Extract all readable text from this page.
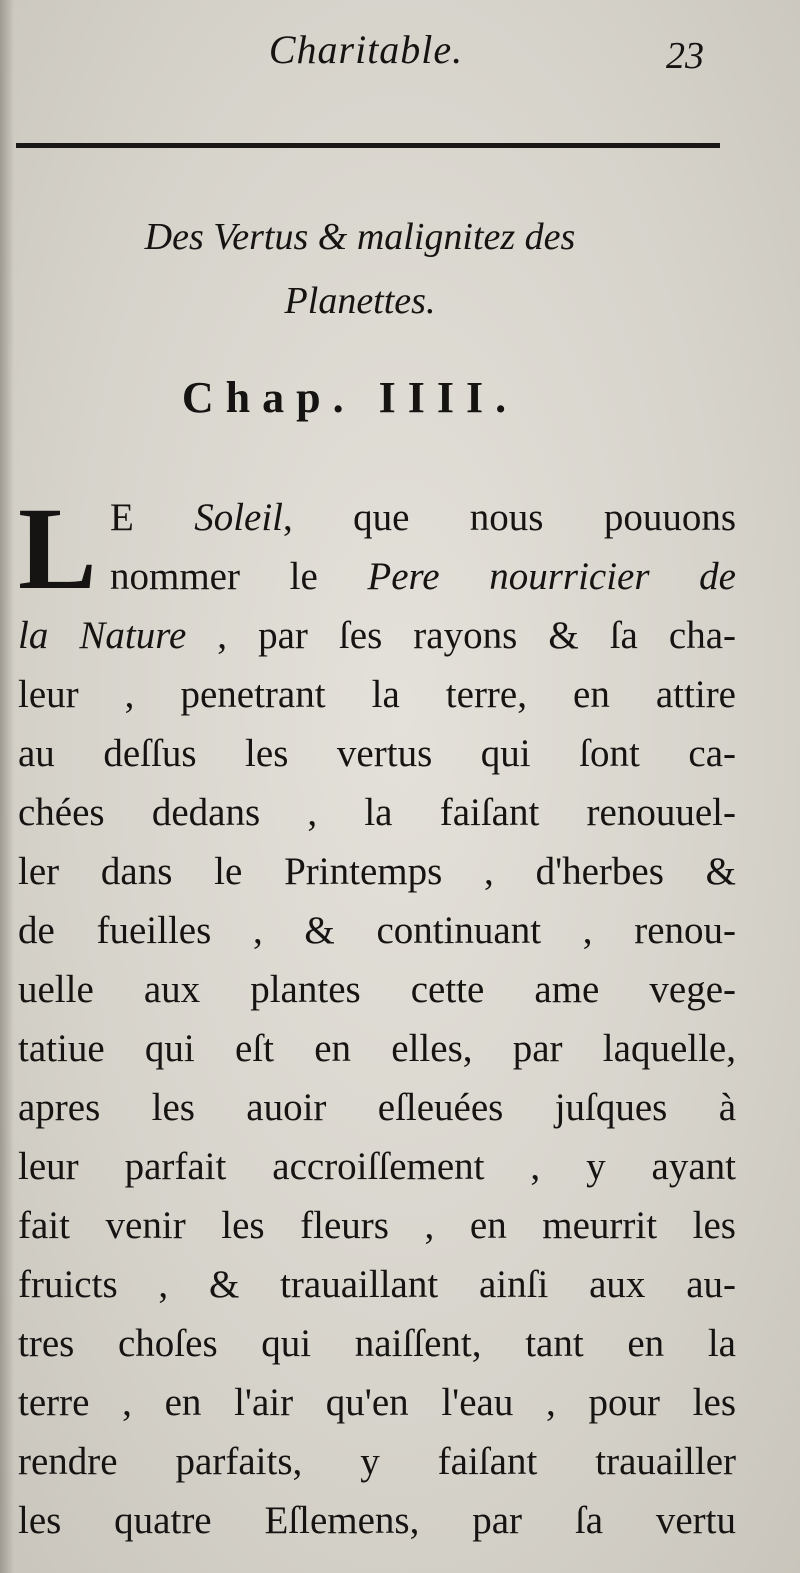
Charitable.	23
Des Vertus & malignitez des
Planettes.
Chap. IIII.
L E Soleil, que nous pouuons
nommer le Pere nourricier de
la Nature , par ſes rayons & ſa cha-
leur , penetrant la terre, en attire
au deſſus les vertus qui ſont ca-
chées dedans , la faiſant renouuel-
ler dans le Printemps , d'herbes &
de fueilles , & continuant , renou-
uelle aux plantes cette ame vege-
tatiue qui eſt en elles, par laquelle,
apres les auoir eſleuées juſques à
leur parfait accroiſſement , y ayant
fait venir les fleurs , en meurrit les
fruicts , & trauaillant ainſi aux au-
tres choſes qui naiſſent, tant en la
terre , en l'air qu'en l'eau , pour les
rendre parfaits, y faiſant trauailler
les quatre Eſlemens, par ſa vertu
